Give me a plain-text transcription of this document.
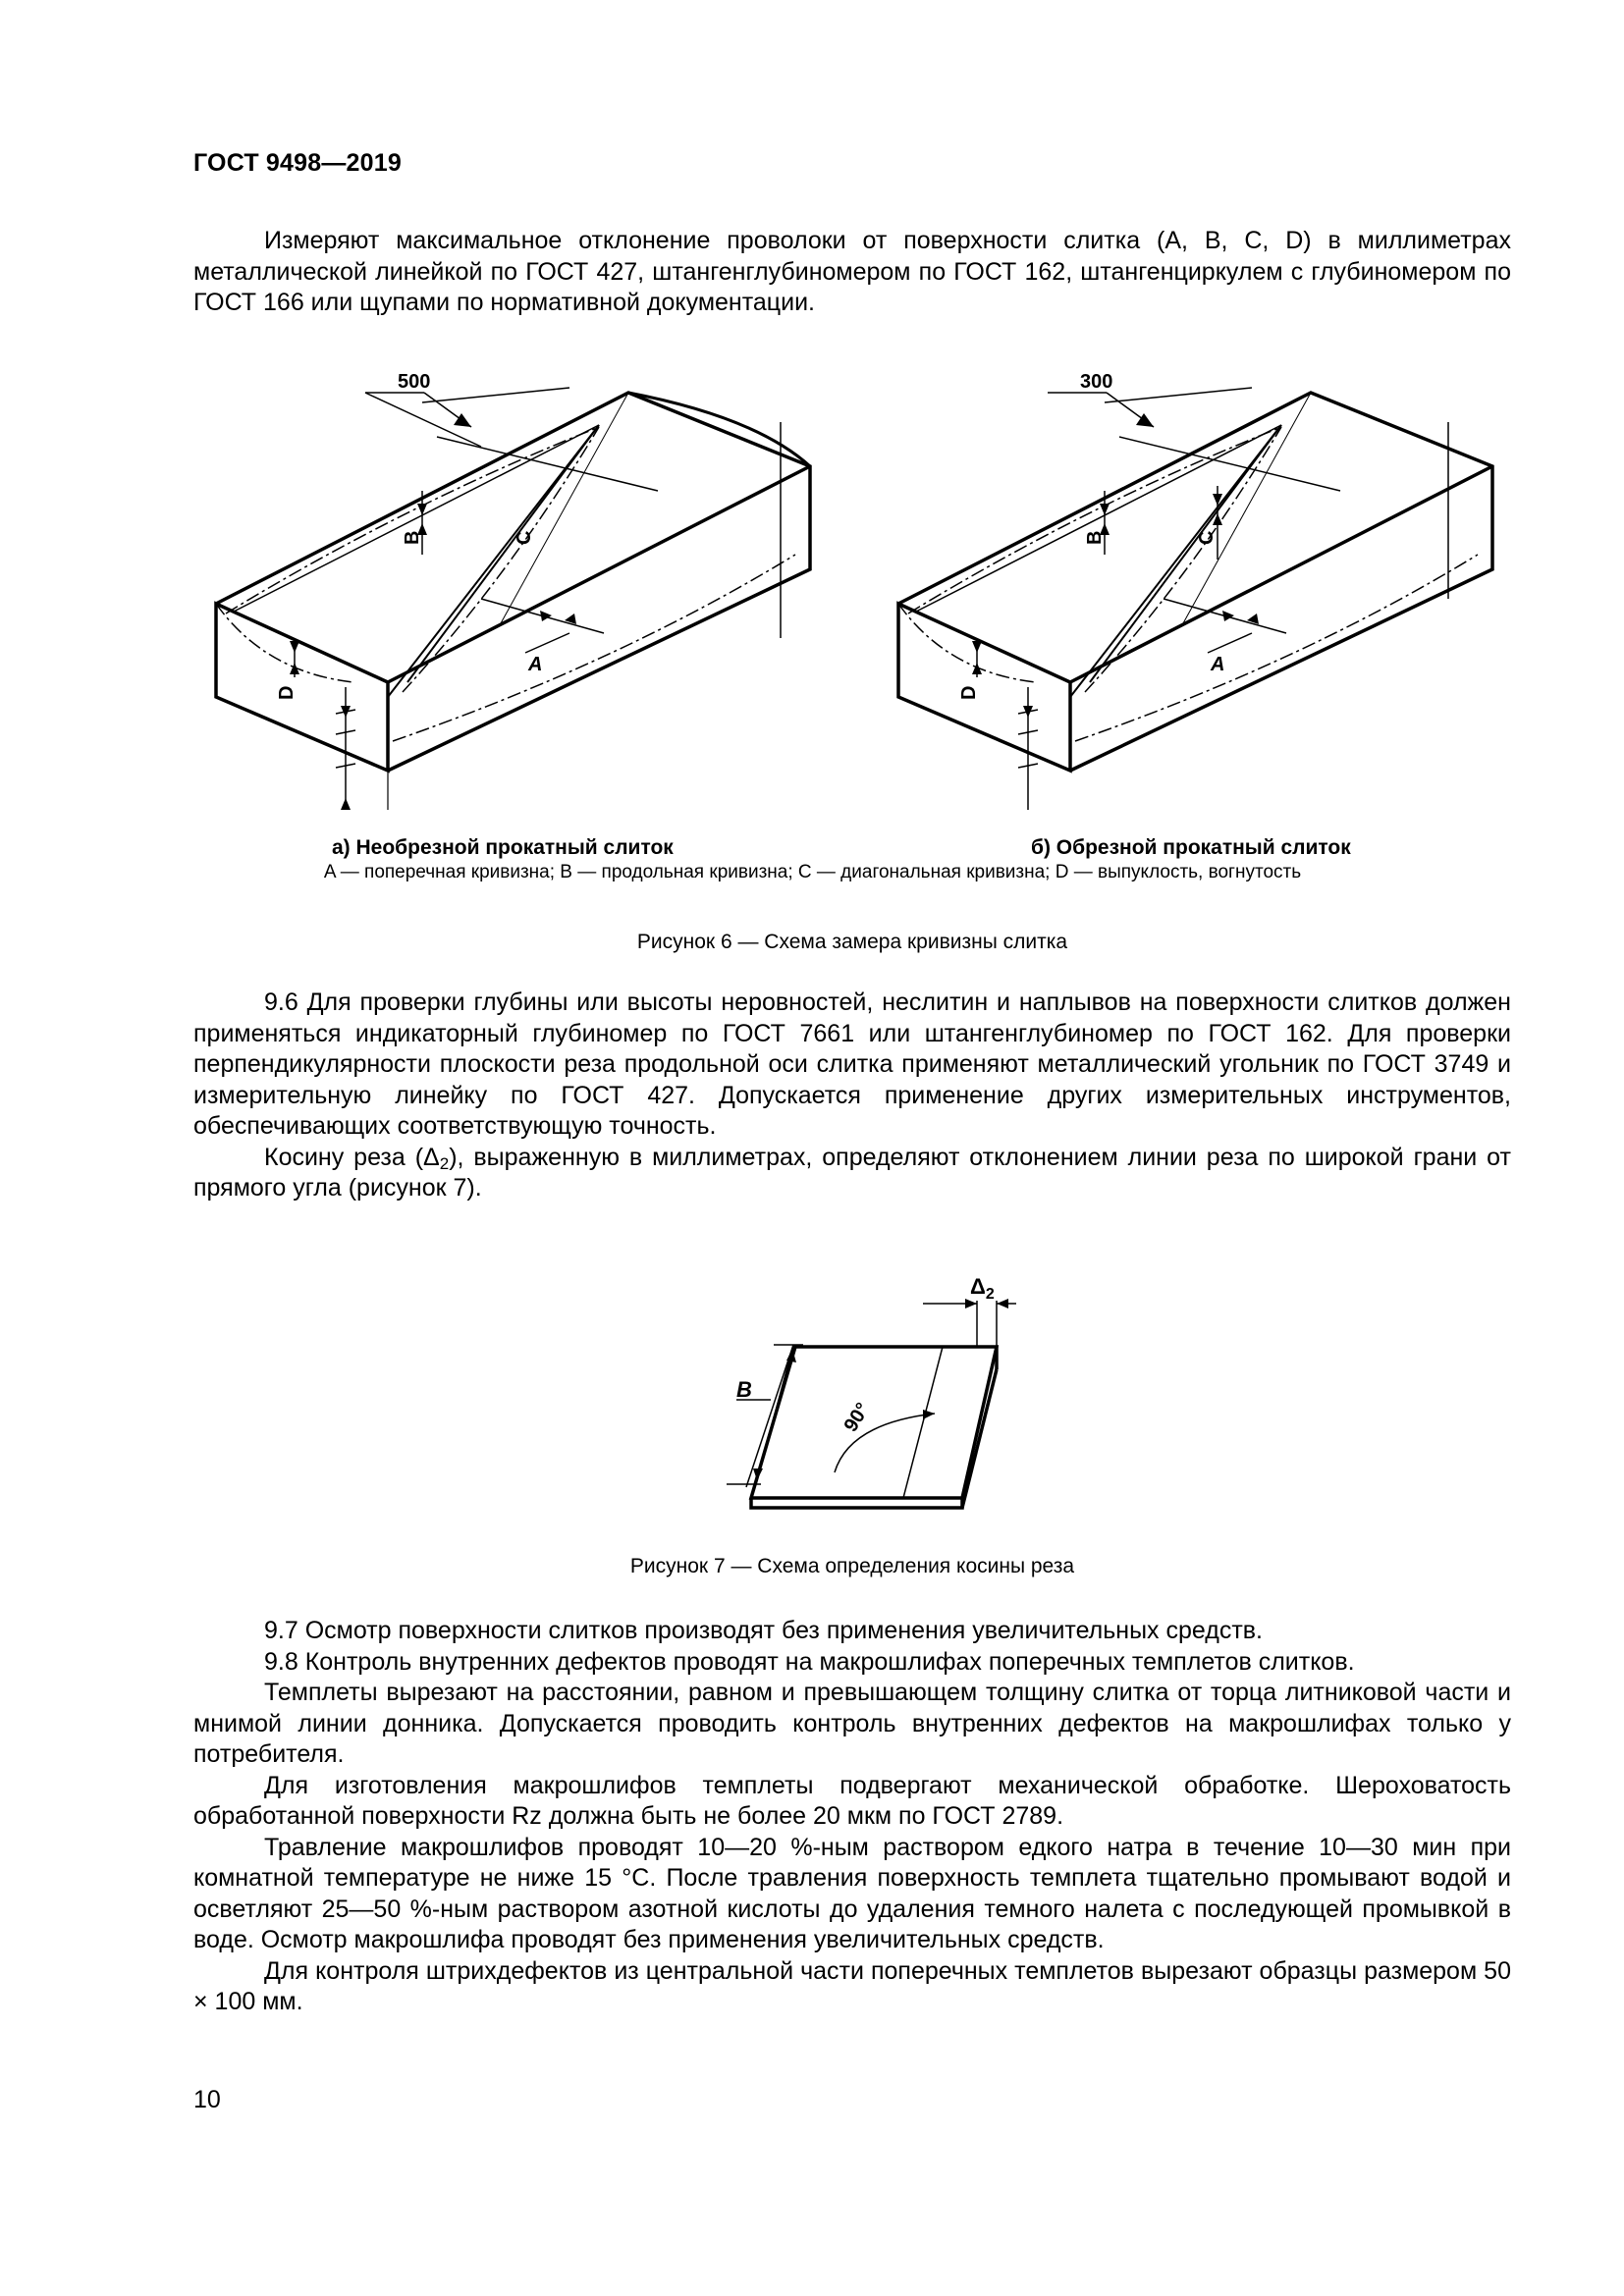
ГОСТ 9498—2019

Измеряют максимальное отклонение проволоки от поверхности слитка (A, B, C, D) в миллиметрах металлической линейкой по ГОСТ 427, штангенглубиномером по ГОСТ 162, штангенциркулем с глубиномером по ГОСТ 166 или щупами по нормативной документации.

500
B	C
A
D
300
B	C
A
D
а) Необрезной прокатный слиток	б) Обрезной прокатный слиток
A — поперечная кривизна; B — продольная кривизна; C — диагональная кривизна; D — выпуклость, вогнутость
Рисунок 6 — Схема замера кривизны слитка

9.6 Для проверки глубины или высоты неровностей, неслитин и наплывов на поверхности слитков должен применяться индикаторный глубиномер по ГОСТ 7661 или штангенглубиномер по ГОСТ 162. Для проверки перпендикулярности плоскости реза продольной оси слитка применяют металлический угольник по ГОСТ 3749 и измерительную линейку по ГОСТ 427. Допускается применение других измерительных инструментов, обеспечивающих соответствующую точность.

Косину реза $(\Delta_2)$, выраженную в миллиметрах, определяют отклонением линии реза по широкой грани от прямого угла (рисунок 7).

$\Delta_2$
B
90°
Рисунок 7 — Схема определения косины реза

9.7 Осмотр поверхности слитков производят без применения увеличительных средств.

9.8 Контроль внутренних дефектов проводят на макрошлифах поперечных темплетов слитков.

Темплеты вырезают на расстоянии, равном и превышающем толщину слитка от торца литниковой части и мнимой линии донника. Допускается проводить контроль внутренних дефектов на макрошлифах только у потребителя.

Для изготовления макрошлифов темплеты подвергают механической обработке. Шероховатость обработанной поверхности Rz должна быть не более 20 мкм по ГОСТ 2789.

Травление макрошлифов проводят 10—20 %-ным раствором едкого натра в течение 10—30 мин при комнатной температуре не ниже 15 °С. После травления поверхность темплета тщательно промывают водой и осветляют 25—50 %-ным раствором азотной кислоты до удаления темного налета с последующей промывкой в воде. Осмотр макрошлифа проводят без применения увеличительных средств.

Для контроля штрихдефектов из центральной части поперечных темплетов вырезают образцы размером 50 × 100 мм.

10
